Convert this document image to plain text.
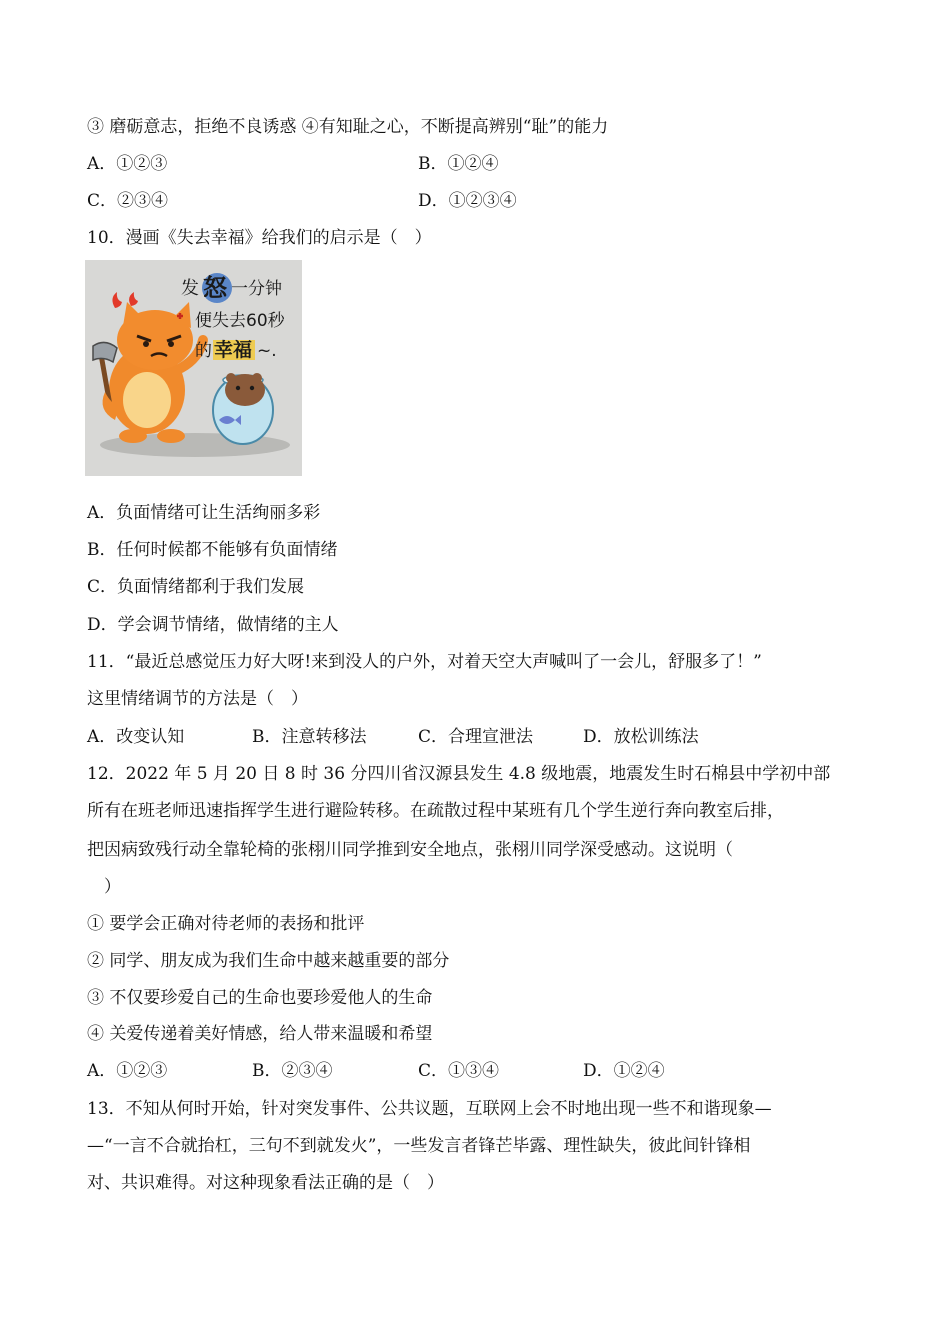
③ 磨砺意志，拒绝不良诱惑 ④有知耻之心，不断提高辨别“耻”的能力
A．①②③	B．①②④
C．②③④	D．①②③④
10．漫画《失去幸福》给我们的启示是（　）
发 怒 一分钟
便失去60秒
的 幸福 ~.
A．负面情绪可让生活绚丽多彩
B．任何时候都不能够有负面情绪
C．负面情绪都利于我们发展
D．学会调节情绪，做情绪的主人
11．“最近总感觉压力好大呀!来到没人的户外，对着天空大声喊叫了一会儿，舒服多了！”
这里情绪调节的方法是（　）
A．改变认知	B．注意转移法	C．合理宣泄法	D．放松训练法
12．2022 年 5 月 20 日 8 时 36 分四川省汉源县发生 4.8 级地震，地震发生时石棉县中学初中部
所有在班老师迅速指挥学生进行避险转移。在疏散过程中某班有几个学生逆行奔向教室后排，
把因病致残行动全靠轮椅的张栩川同学推到安全地点，张栩川同学深受感动。这说明（
）
① 要学会正确对待老师的表扬和批评
② 同学、朋友成为我们生命中越来越重要的部分
③ 不仅要珍爱自己的生命也要珍爱他人的生命
④ 关爱传递着美好情感，给人带来温暖和希望
A．①②③	B．②③④	C．①③④	D．①②④
13．不知从何时开始，针对突发事件、公共议题，互联网上会不时地出现一些不和谐现象—
—“一言不合就抬杠，三句不到就发火”，一些发言者锋芒毕露、理性缺失，彼此间针锋相
对、共识难得。对这种现象看法正确的是（　）
